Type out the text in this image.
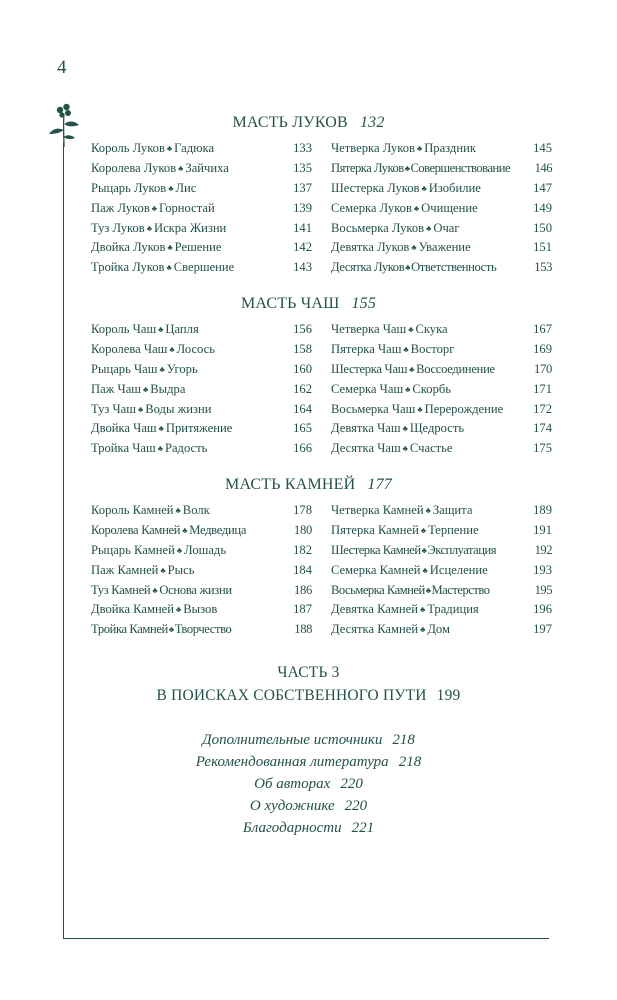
4
МАСТЬ ЛУКОВ 132
Король Луков ♣ Гадюка	133
Королева Луков ♣ Зайчиха	135
Рыцарь Луков ♣ Лис	137
Паж Луков ♣ Горностай	139
Туз Луков ♣ Искра Жизни	141
Двойка Луков ♣ Решение	142
Тройка Луков ♣ Свершение	143
Четверка Луков ♣ Праздник	145
Пятерка Луков♣Совершенствование 146
Шестерка Луков ♣ Изобилие	147
Семерка Луков ♣ Очищение	149
Восьмерка Луков ♣ Очаг	150
Девятка Луков ♣ Уважение	151
Десятка Луков♣Ответственность	153
МАСТЬ ЧАШ 155
Король Чаш ♣ Цапля	156
Королева Чаш ♣ Лосось	158
Рыцарь Чаш ♣ Угорь	160
Паж Чаш ♣ Выдра	162
Туз Чаш ♣ Воды жизни	164
Двойка Чаш ♣ Притяжение	165
Тройка Чаш ♣ Радость	166
Четверка Чаш ♣ Скука	167
Пятерка Чаш ♣ Восторг	169
Шестерка Чаш ♣ Воссоединение	170
Семерка Чаш ♣ Скорбь	171
Восьмерка Чаш ♣ Перерождение 172
Девятка Чаш ♣ Щедрость	174
Десятка Чаш ♣ Счастье	175
МАСТЬ КАМНЕЙ 177
Король Камней ♣ Волк	178
Королева Камней ♣ Медведица	180
Рыцарь Камней ♣ Лошадь	182
Паж Камней ♣ Рысь	184
Туз Камней ♣ Основа жизни	186
Двойка Камней ♣ Вызов	187
Тройка Камней♣Творчество	188
Четверка Камней ♣ Защита	189
Пятерка Камней ♣ Терпение	191
Шестерка Камней♣Эксплуатация	192
Семерка Камней ♣ Исцеление	193
Восьмерка Камней♣Мастерство	195
Девятка Камней ♣ Традиция	196
Десятка Камней ♣ Дом	197
ЧАСТЬ 3
В ПОИСКАХ СОБСТВЕННОГО ПУТИ 199
Дополнительные источники 218
Рекомендованная литература 218
Об авторах 220
О художнике 220
Благодарности 221
